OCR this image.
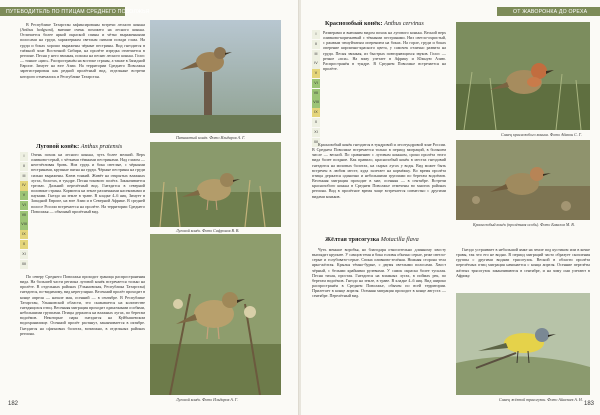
ПУТЕВОДИТЕЛЬ ПО ПТИЦАМ СРЕДНЕГО ПОВОЛЖЬЯ

В Республике Татарстан зафиксированы встречи лесного конька (Anthus hodgsoni), внешне очень похожего на лесного конька. Отличается более яркой окраской спины и чётко выраженными полосами на груди, характерным светлым пятном позади глаза. На груди и боках хорошо выражены чёрные пестрины. Вид гнездится в таёжной зоне Восточной Сибири, на пролёте изредка отмечается в регионе. Песня у него звонкая, похожа на песню лесного конька. Голос — тонкое «цип». Распространён на востоке страны, а также в Западной Европе. Зимует на юге Азии. На территории Среднего Поволжья зарегистрирован как редкий пролётный вид, отдельные встречи которого отмечались в Республике Татарстан.

Пятнистый конёк. Фото Ильдаров А. Г.
Луговой конёк: Anthus pratensis
I
II
III
IV
V
VI
VII
VIII
IX
X
XI
XII

Очень похож на лесного конька, чуть более мелкий. Верх оливково-серый, с чёткими тёмными пестринами. Над глазом — неотчётливая бровь. Низ грудь и бока светлые, с чёрными пестринами, крупные пятна на груди. Чёрные пестрины на груди сильно выражены. Клюв тонкий. Живёт на открытых влажных лугах, болотах, в тундре. Песня токового полёта. Заканчивается трелью. Дальний перелётный вид. Гнездится в северной половине страны. Кормится на земле различными насекомыми и пауками. Гнездо на земле в траве. В кладке 4–6 яиц. Зимует в Западной Европе, на юге Азии и в Северной Африке. В средней полосе России встречается на пролёте. На территории Среднего Поволжья — обычный пролётный вид.

По северу Среднего Поволжья проходит граница распространения вида. На большей части региона луговой конёк встречается только на пролёте. В отдельных районах (Ульяновская, Республика Татарстан) гнездится, по-видимому, вид нерегулярно. Весенний пролёт проходит в конце апреля — начале мая, осенний — в сентябре. В Республике Татарстан, Ульяновской области, это сказывается на количестве гнездящихся птиц. Весенняя миграция проходит одиночными особями, небольшими группами. Птицы держатся на влажных лугах, по берегам водоёмов. Некоторые пары гнездятся на Куйбышевском водохранилище. Осенний пролёт растянут, заканчивается в октябре. Гнездятся на сфагновых болотах, возможно, в отдельных районах региона.

Луговой конёк. Фото Сафронов В. В.
Луговой конёк. Фото Ильдаров А. Г.
182
ОТ ЖАВОРОНКА ДО ОРЕХА
Краснозобый конёк: Anthus cervinus
I
II
III
IV
V
VI
VII
VIII
IX
X
XI
XII

Размерами и внешним видом похож на лугового конька. Весной верх оливково-коричневый с тёмными пестринами. Низ светло-охристый, с ржавым чешуйчатым оперением на боках. На горле, груди и боках оперение кирпично-красного цвета, у самочек отлично развита на груди. Песня звонкая, из быстрых повторяющихся звуков. Голос — резкое «пси». На зиму улетает в Африку и Южную Азию. Распространён в тундре. В Среднем Поволжье встречается на пролёте.

Краснозобый конёк гнездится в тундровой и лесотундровой зоне России. В Среднем Поволжье встречается только в период миграций, в большем числе — весной. По сравнению с луговым коньком, сроки пролёта этого вида более поздние. Как правило, краснозобый конёк в местах гнездовий гнездится на моховых болотах, на сырых лугах у воды. Вид может быть встречен в любом месте, куда залетает на кормёжку. Во время пролёта птицы держатся одиночно и небольшими группами по берегам водоёмов. Весенняя миграция проходит в мае, осенняя — в сентябре. Встречи краснозобого конька в Среднем Поволжье отмечены во многих районах региона. Вид в пролётное время чаще встречается совместно с другими видами коньков.

Самец краснозобого конька. Фото Абакон С. Г.
Краснозобый конёк (пролётная особь). Фото Бакалов М. В.
Жёлтая трясогузка Motacilla flava

Чуть меньше воробья, но благодаря относительно длинному хвосту выглядит крупнее. У самцов темя и бока головы обычно серые, реже светло-серые и голубовато-серые. Спина оливково-зелёная. Нижняя сторона тела ярко-жёлтая. Крылья тёмно-бурые, с двумя светлыми полосами. Хвост чёрный, с белыми крайними рулевыми. У самок окраска более тусклая. Песня тихая, простая. Гнездится на влажных лугах, в поймах рек, по берегам водоёмов. Гнездо на земле, в траве. В кладке 4–6 яиц. Вид широко распространён в Среднем Поволжье, обычен по всей территории. Прилетает в конце апреля. Осенняя миграция проходит в конце августа — сентябре. Перелётный вид.

Гнездо устраивает в небольшой ямке на земле под кустиком или в кочке травы, так что его не видно. В период миграций часто образует скопления группы с другими видами трясогузок. Весной в области пролёта перелётных птиц миграция начинается с конца апреля. Осенние перелёты жёлтых трясогузок заканчиваются в сентябре, и на зиму они улетают в Африку.

Самец жёлтой трясогузки. Фото Айгазиев А. Н.
183
